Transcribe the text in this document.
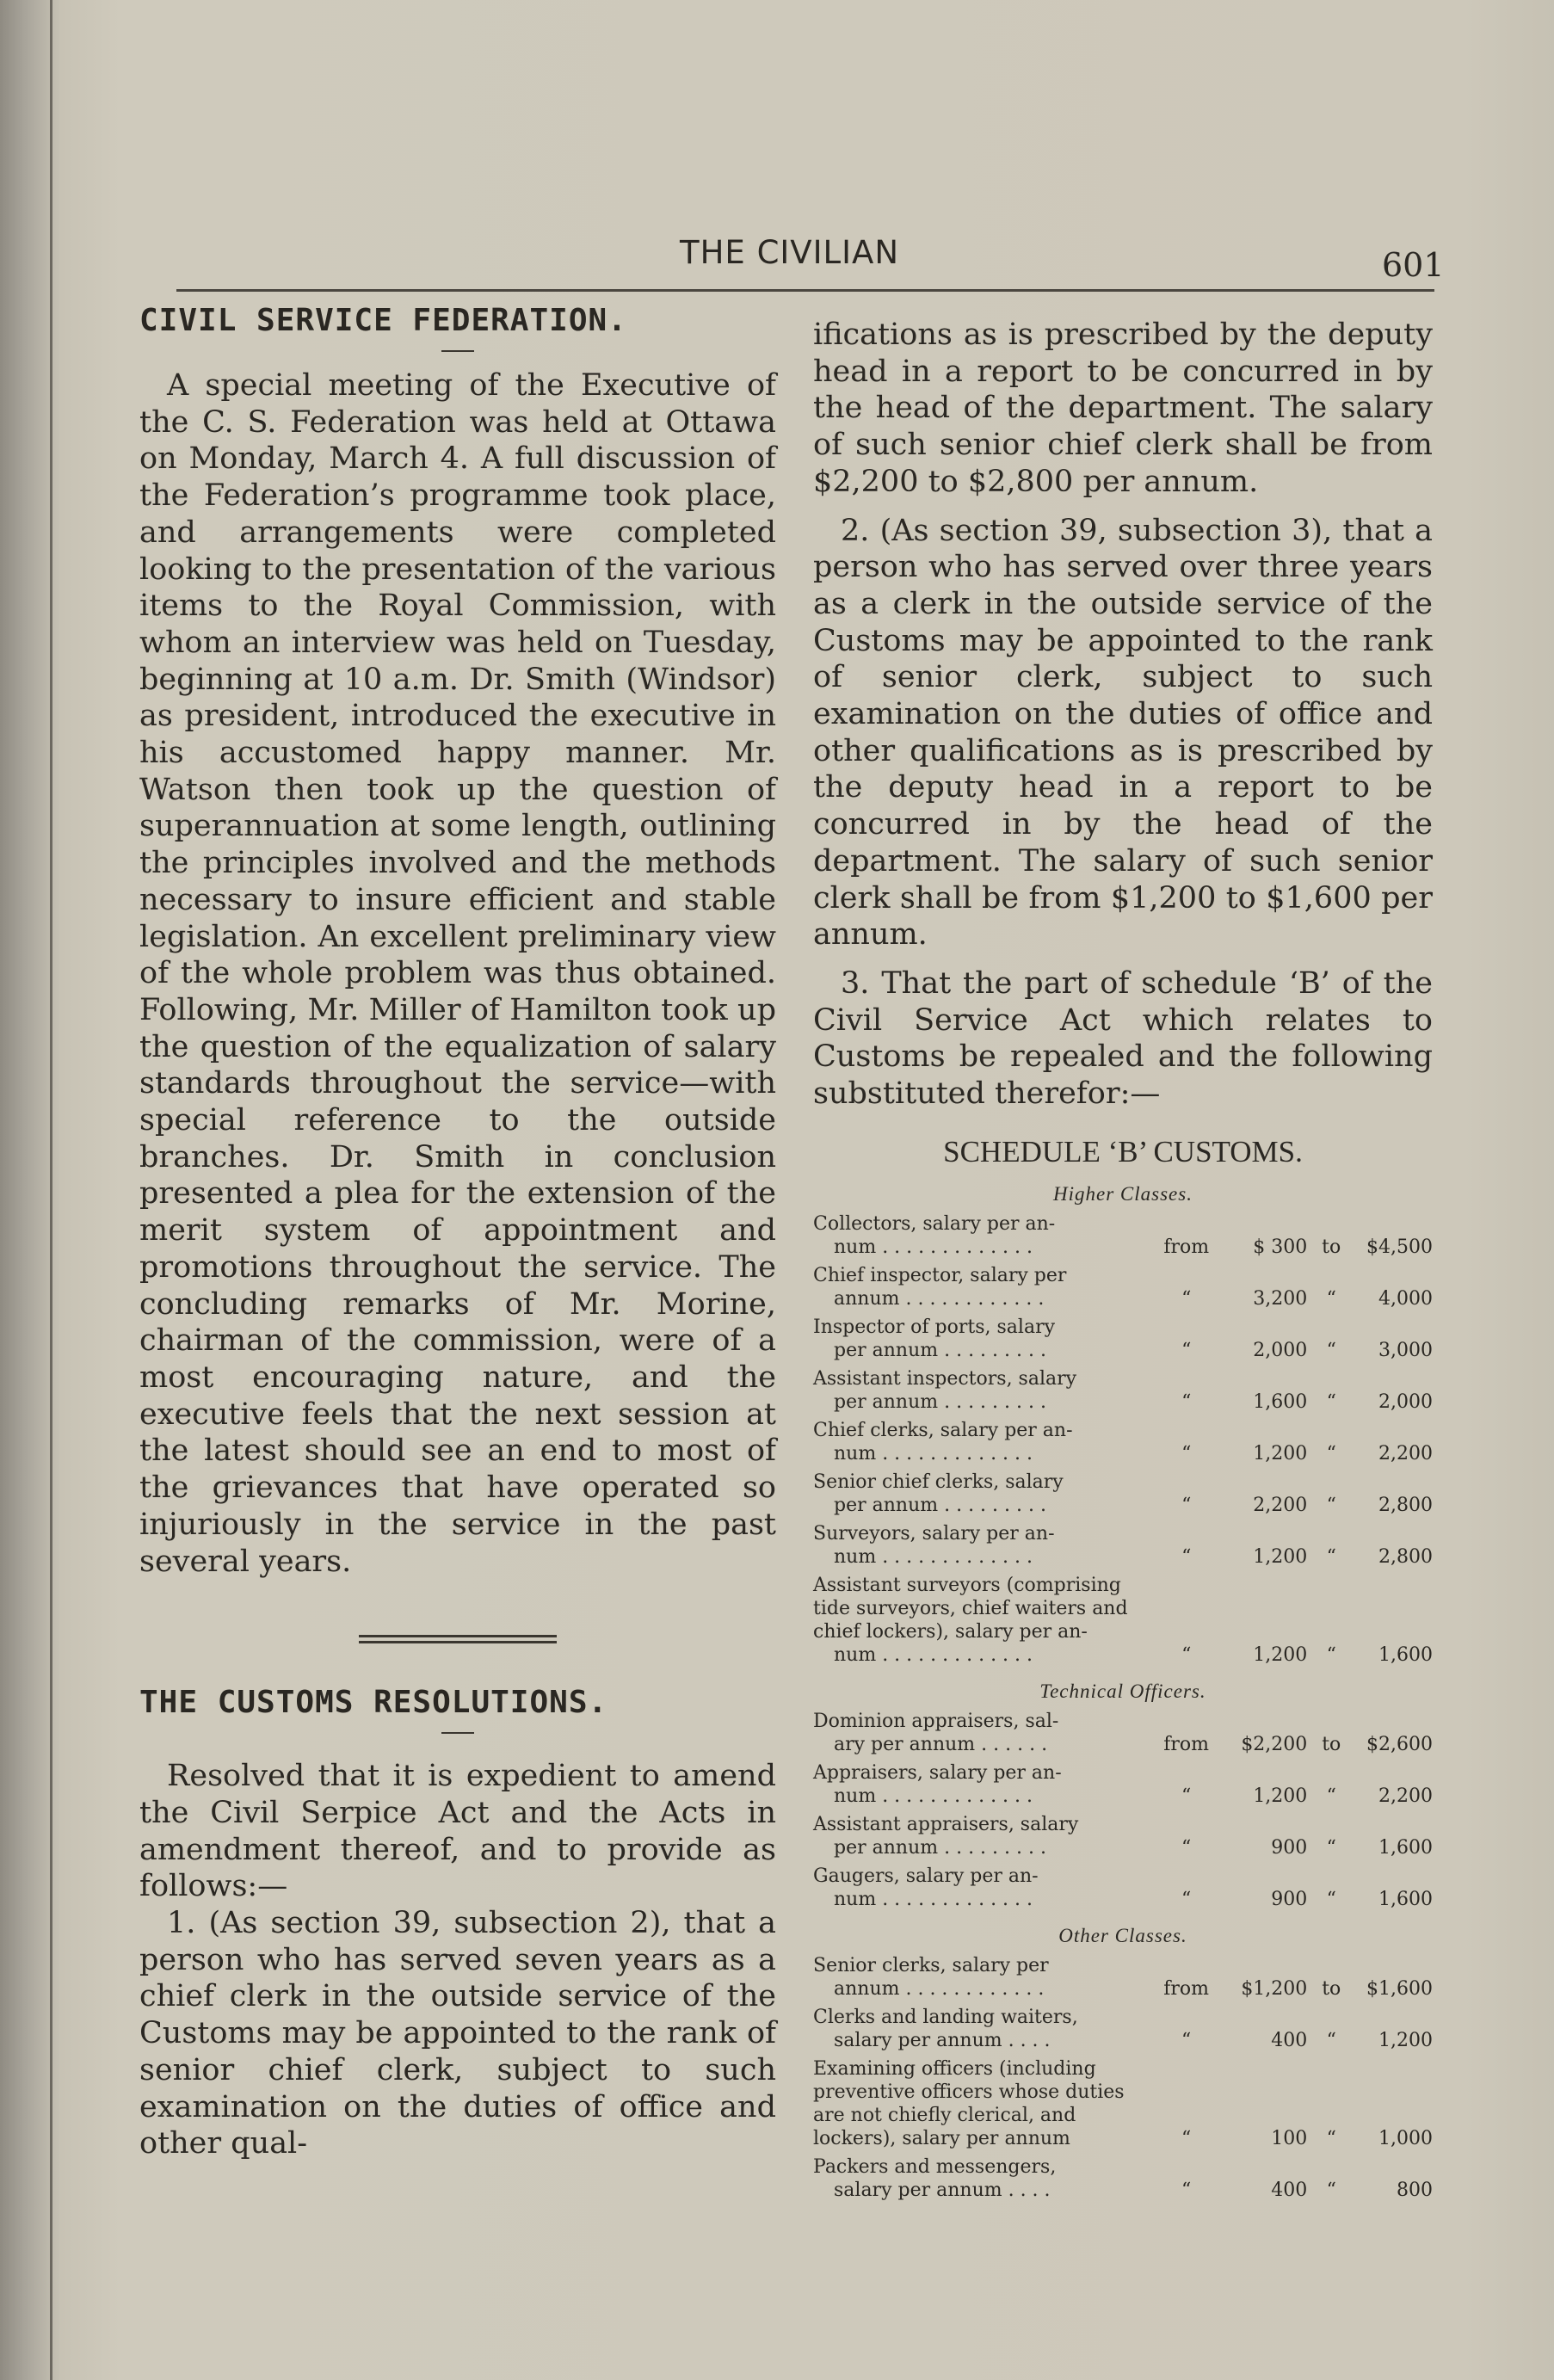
THE CIVILIAN	601
CIVIL SERVICE FEDERATION.

A special meeting of the Executive of the C. S. Federation was held at Ottawa on Monday, March 4. A full discussion of the Federation’s programme took place, and arrangements were completed looking to the presentation of the various items to the Royal Commission, with whom an interview was held on Tuesday, beginning at 10 a.m. Dr. Smith (Windsor) as president, introduced the executive in his accustomed happy manner. Mr. Watson then took up the question of superannuation at some length, outlining the principles involved and the methods necessary to insure efficient and stable legislation. An excellent preliminary view of the whole problem was thus obtained. Following, Mr. Miller of Hamilton took up the question of the equalization of salary standards throughout the service—with special reference to the outside branches. Dr. Smith in conclusion presented a plea for the extension of the merit system of appointment and promotions throughout the service. The concluding remarks of Mr. Morine, chairman of the commission, were of a most encouraging nature, and the executive feels that the next session at the latest should see an end to most of the grievances that have operated so injuriously in the service in the past several years.

THE CUSTOMS RESOLUTIONS.

Resolved that it is expedient to amend the Civil Serpice Act and the Acts in amendment thereof, and to provide as follows:—

1. (As section 39, subsection 2), that a person who has served seven years as a chief clerk in the outside service of the Customs may be appointed to the rank of senior chief clerk, subject to such examination on the duties of office and other qual-

ifications as is prescribed by the deputy head in a report to be concurred in by the head of the department. The salary of such senior chief clerk shall be from $2,200 to $2,800 per annum.

2. (As section 39, subsection 3), that a person who has served over three years as a clerk in the outside service of the Customs may be appointed to the rank of senior clerk, subject to such examination on the duties of office and other qualifications as is prescribed by the deputy head in a report to be concurred in by the head of the department. The salary of such senior clerk shall be from $1,200 to $1,600 per annum.

3. That the part of schedule ‘B’ of the Civil Service Act which relates to Customs be repealed and the following substituted therefor:—

SCHEDULE ‘B’ CUSTOMS.
Higher Classes.
Collectors, salary per an-
num . . . . . . . . . . . . .	from	$ 300	to	$4,500

Chief inspector, salary per
annum . . . . . . . . . . . .	“	3,200	“	4,000

Inspector of ports, salary
per annum . . . . . . . . .	“	2,000	“	3,000

Assistant inspectors, salary
per annum . . . . . . . . .	“	1,600	“	2,000

Chief clerks, salary per an-
num . . . . . . . . . . . . .	“	1,200	“	2,200

Senior chief clerks, salary
per annum . . . . . . . . .	“	2,200	“	2,800

Surveyors, salary per an-
num . . . . . . . . . . . . .	“	1,200	“	2,800

Assistant surveyors (comprising tide surveyors, chief waiters and chief lockers), salary per an-
num . . . . . . . . . . . . .	“	1,200	“	1,600
Technical Officers.
Dominion appraisers, sal-
ary per annum . . . . . .	from	$2,200	to	$2,600

Appraisers, salary per an-
num . . . . . . . . . . . . .	“	1,200	“	2,200

Assistant appraisers, salary
per annum . . . . . . . . .	“	900	“	1,600

Gaugers, salary per an-
num . . . . . . . . . . . . .	“	900	“	1,600
Other Classes.
Senior clerks, salary per
annum . . . . . . . . . . . .	from	$1,200	to	$1,600

Clerks and landing waiters,
salary per annum . . . .	“	400	“	1,200

Examining officers (including preventive officers whose duties are not chiefly clerical, and lockers), salary per annum	“	100	“	1,000

Packers and messengers,
salary per annum . . . .	“	400	“	800
